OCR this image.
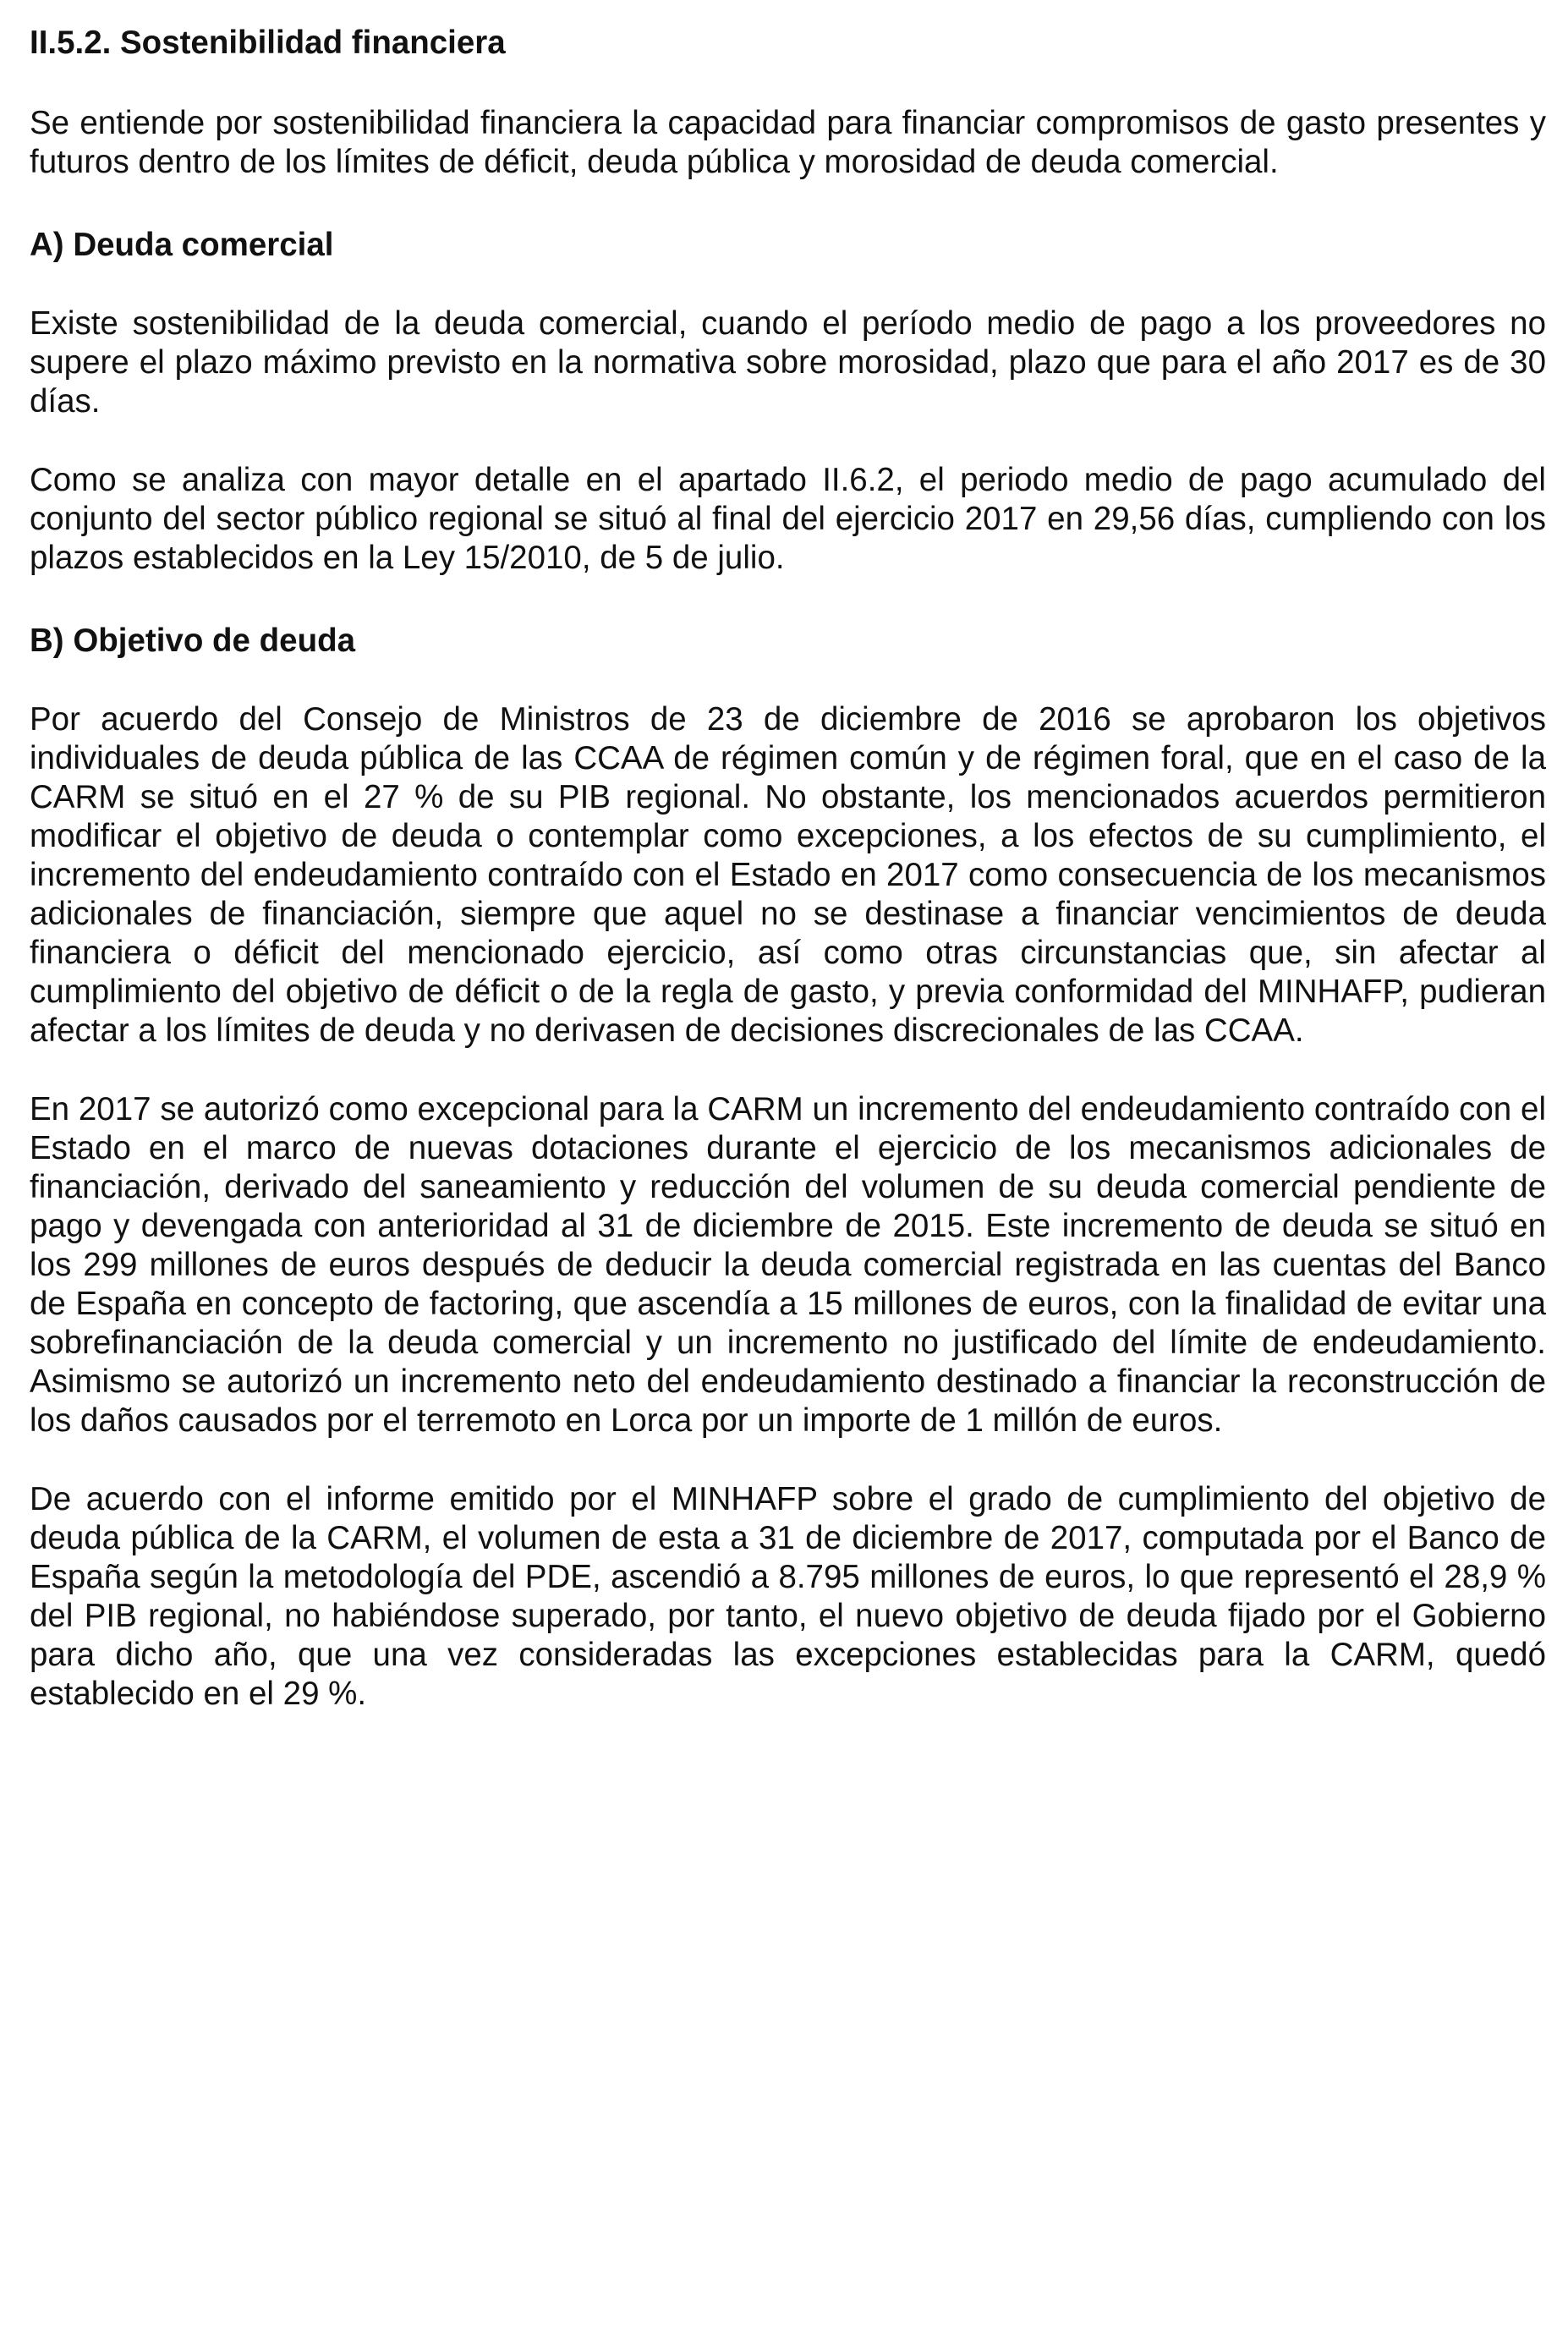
II.5.2. Sostenibilidad financiera

Se entiende por sostenibilidad financiera la capacidad para financiar compromisos de gasto presentes y futuros dentro de los límites de déficit, deuda pública y morosidad de deuda comercial.

A) Deuda comercial

Existe sostenibilidad de la deuda comercial, cuando el período medio de pago a los proveedores no supere el plazo máximo previsto en la normativa sobre morosidad, plazo que para el año 2017 es de 30 días.

Como se analiza con mayor detalle en el apartado II.6.2, el periodo medio de pago acumulado del conjunto del sector público regional se situó al final del ejercicio 2017 en 29,56 días, cumpliendo con los plazos establecidos en la Ley 15/2010, de 5 de julio.

B) Objetivo de deuda

Por acuerdo del Consejo de Ministros de 23 de diciembre de 2016 se aprobaron los objetivos individuales de deuda pública de las CCAA de régimen común y de régimen foral, que en el caso de la CARM se situó en el 27 % de su PIB regional. No obstante, los mencionados acuerdos permitieron modificar el objetivo de deuda o contemplar como excepciones, a los efectos de su cumplimiento, el incremento del endeudamiento contraído con el Estado en 2017 como consecuencia de los mecanismos adicionales de financiación, siempre que aquel no se destinase a financiar vencimientos de deuda financiera o déficit del mencionado ejercicio, así como otras circunstancias que, sin afectar al cumplimiento del objetivo de déficit o de la regla de gasto, y previa conformidad del MINHAFP, pudieran afectar a los límites de deuda y no derivasen de decisiones discrecionales de las CCAA.

En 2017 se autorizó como excepcional para la CARM un incremento del endeudamiento contraído con el Estado en el marco de nuevas dotaciones durante el ejercicio de los mecanismos adicionales de financiación, derivado del saneamiento y reducción del volumen de su deuda comercial pendiente de pago y devengada con anterioridad al 31 de diciembre de 2015. Este incremento de deuda se situó en los 299 millones de euros después de deducir la deuda comercial registrada en las cuentas del Banco de España en concepto de factoring, que ascendía a 15 millones de euros, con la finalidad de evitar una sobrefinanciación de la deuda comercial y un incremento no justificado del límite de endeudamiento. Asimismo se autorizó un incremento neto del endeudamiento destinado a financiar la reconstrucción de los daños causados por el terremoto en Lorca por un importe de 1 millón de euros.

De acuerdo con el informe emitido por el MINHAFP sobre el grado de cumplimiento del objetivo de deuda pública de la CARM, el volumen de esta a 31 de diciembre de 2017, computada por el Banco de España según la metodología del PDE, ascendió a 8.795 millones de euros, lo que representó el 28,9 % del PIB regional, no habiéndose superado, por tanto, el nuevo objetivo de deuda fijado por el Gobierno para dicho año, que una vez consideradas las excepciones establecidas para la CARM, quedó establecido en el 29 %.
